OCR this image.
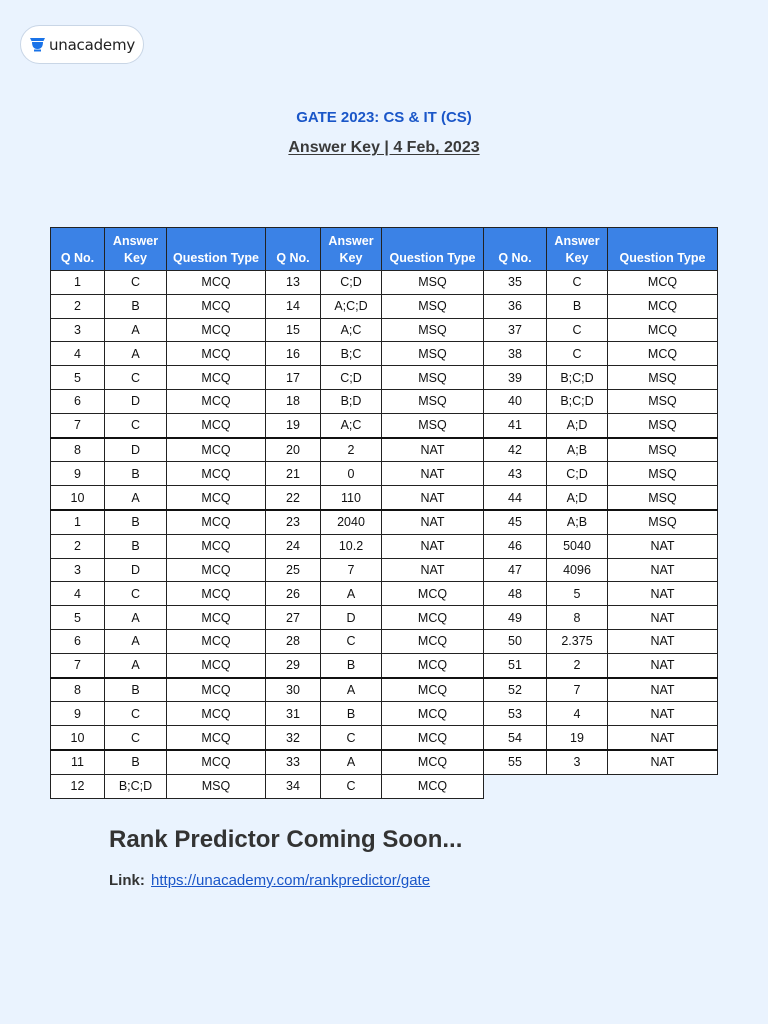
unacademy
GATE 2023: CS & IT (CS)
Answer Key | 4 Feb, 2023
Q No.	Answer Key	Question Type	Q No.	Answer Key	Question Type	Q No.	Answer Key	Question Type
1	C	MCQ	13	C;D	MSQ	35	C	MCQ
2	B	MCQ	14	A;C;D	MSQ	36	B	MCQ
3	A	MCQ	15	A;C	MSQ	37	C	MCQ
4	A	MCQ	16	B;C	MSQ	38	C	MCQ
5	C	MCQ	17	C;D	MSQ	39	B;C;D	MSQ
6	D	MCQ	18	B;D	MSQ	40	B;C;D	MSQ
7	C	MCQ	19	A;C	MSQ	41	A;D	MSQ
8	D	MCQ	20	2	NAT	42	A;B	MSQ
9	B	MCQ	21	0	NAT	43	C;D	MSQ
10	A	MCQ	22	110	NAT	44	A;D	MSQ
1	B	MCQ	23	2040	NAT	45	A;B	MSQ
2	B	MCQ	24	10.2	NAT	46	5040	NAT
3	D	MCQ	25	7	NAT	47	4096	NAT
4	C	MCQ	26	A	MCQ	48	5	NAT
5	A	MCQ	27	D	MCQ	49	8	NAT
6	A	MCQ	28	C	MCQ	50	2.375	NAT
7	A	MCQ	29	B	MCQ	51	2	NAT
8	B	MCQ	30	A	MCQ	52	7	NAT
9	C	MCQ	31	B	MCQ	53	4	NAT
10	C	MCQ	32	C	MCQ	54	19	NAT
11	B	MCQ	33	A	MCQ	55	3	NAT
12	B;C;D	MSQ	34	C	MCQ			
Rank Predictor Coming Soon...
Link: https://unacademy.com/rankpredictor/gate
